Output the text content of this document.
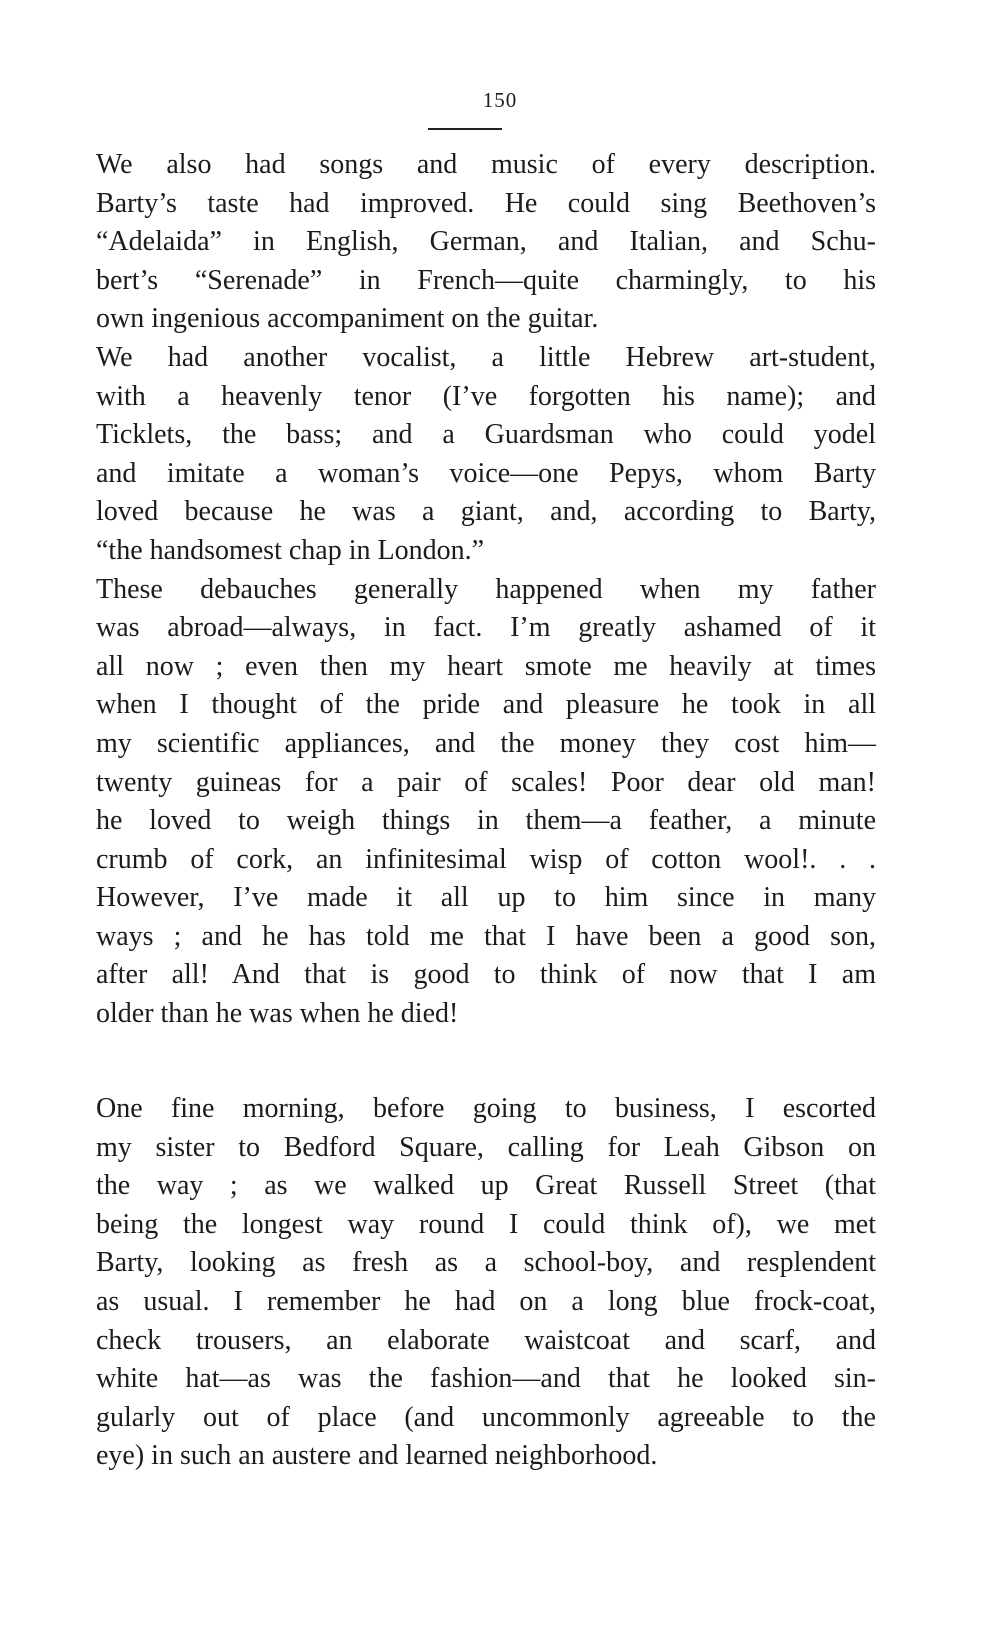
150
We also had songs and music of every description.
Barty’s taste had improved. He could sing Beethoven’s
“Adelaida” in English, German, and Italian, and Schu-
bert’s “Serenade” in French—quite charmingly, to his
own ingenious accompaniment on the guitar.
We had another vocalist, a little Hebrew art-student,
with a heavenly tenor (I’ve forgotten his name); and
Ticklets, the bass; and a Guardsman who could yodel
and imitate a woman’s voice—one Pepys, whom Barty
loved because he was a giant, and, according to Barty,
“the handsomest chap in London.”
These debauches generally happened when my father
was abroad—always, in fact. I’m greatly ashamed of it
all now ; even then my heart smote me heavily at times
when I thought of the pride and pleasure he took in all
my scientific appliances, and the money they cost him—
twenty guineas for a pair of scales! Poor dear old man!
he loved to weigh things in them—a feather, a minute
crumb of cork, an infinitesimal wisp of cotton wool!. . .
However, I’ve made it all up to him since in many
ways ; and he has told me that I have been a good son,
after all! And that is good to think of now that I am
older than he was when he died!
One fine morning, before going to business, I escorted
my sister to Bedford Square, calling for Leah Gibson on
the way ; as we walked up Great Russell Street (that
being the longest way round I could think of), we met
Barty, looking as fresh as a school-boy, and resplendent
as usual. I remember he had on a long blue frock-coat,
check trousers, an elaborate waistcoat and scarf, and
white hat—as was the fashion—and that he looked sin-
gularly out of place (and uncommonly agreeable to the
eye) in such an austere and learned neighborhood.
